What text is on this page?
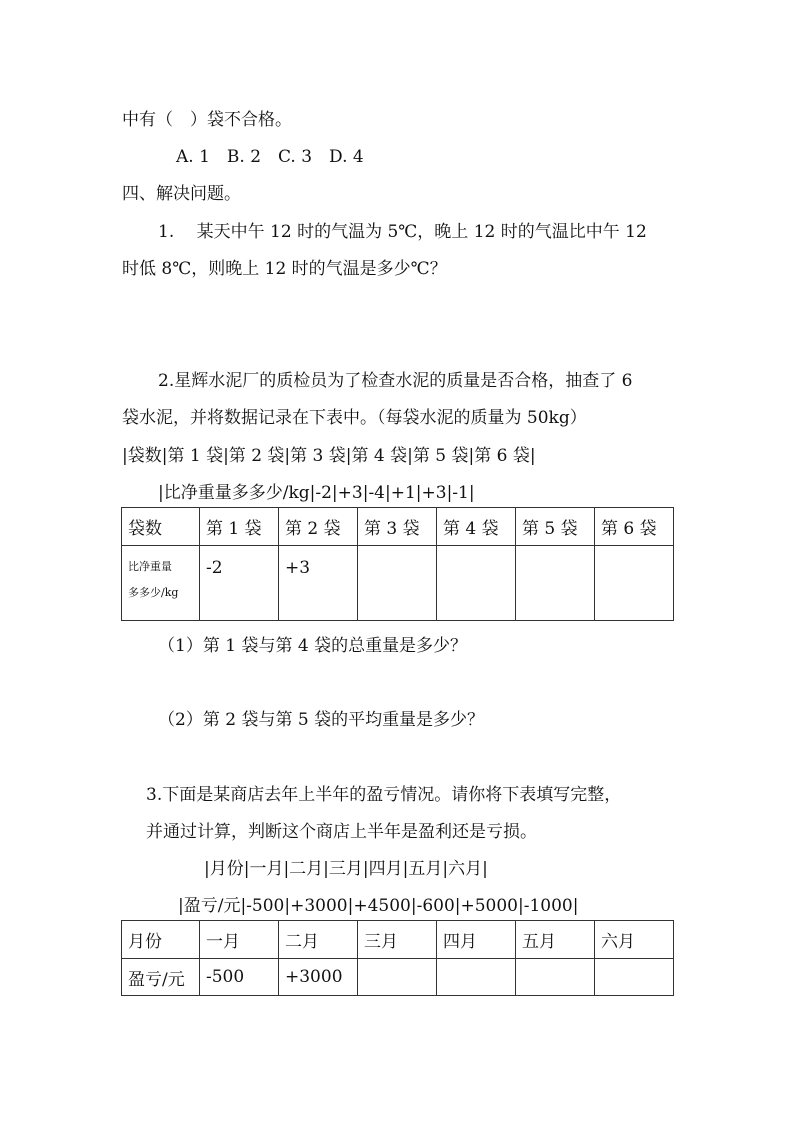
中有（　）袋不合格。
A. 1　B. 2　C. 3　D. 4
四、解决问题。
1.　 某天中午 12 时的气温为 5℃，晚上 12 时的气温比中午 12
时低 8℃，则晚上 12 时的气温是多少℃？
2.星辉水泥厂的质检员为了检查水泥的质量是否合格，抽查了 6
袋水泥，并将数据记录在下表中。（每袋水泥的质量为 50kg）
|袋数|第 1 袋|第 2 袋|第 3 袋|第 4 袋|第 5 袋|第 6 袋|
|比净重量多多少/kg|-2|+3|-4|+1|+3|-1|
袋数	第 1 袋	第 2 袋	第 3 袋	第 4 袋	第 5 袋	第 6 袋

比净重量
多多少/kg	-2	+3				
（1）第 1 袋与第 4 袋的总重量是多少？
（2）第 2 袋与第 5 袋的平均重量是多少？
3.下面是某商店去年上半年的盈亏情况。请你将下表填写完整，
并通过计算，判断这个商店上半年是盈利还是亏损。
|月份|一月|二月|三月|四月|五月|六月|
|盈亏/元|-500|+3000|+4500|-600|+5000|-1000|
月份	一月	二月	三月	四月	五月	六月
盈亏/元	-500	+3000				
